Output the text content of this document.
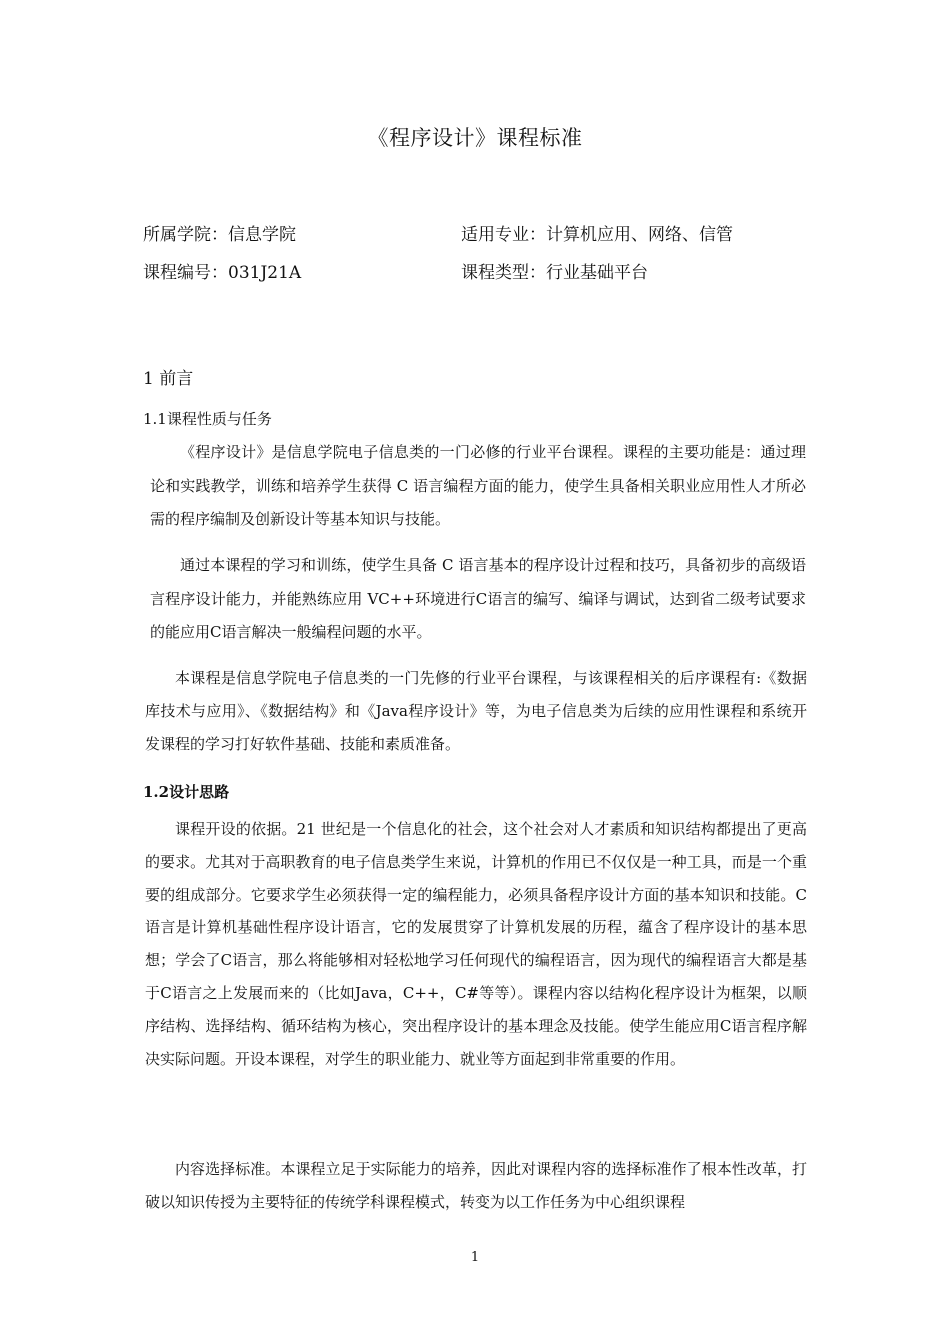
《程序设计》课程标准
所属学院：信息学院	适用专业：计算机应用、网络、信管
课程编号：031J21A	课程类型：行业基础平台
1 前言
1.1课程性质与任务

《程序设计》是信息学院电子信息类的一门必修的行业平台课程。课程的主要功能是：通过理论和实践教学，训练和培养学生获得 C 语言编程方面的能力，使学生具备相关职业应用性人才所必需的程序编制及创新设计等基本知识与技能。

通过本课程的学习和训练，使学生具备 C 语言基本的程序设计过程和技巧，具备初步的高级语言程序设计能力，并能熟练应用 VC++环境进行C语言的编写、编译与调试，达到省二级考试要求的能应用C语言解决一般编程问题的水平。

本课程是信息学院电子信息类的一门先修的行业平台课程，与该课程相关的后序课程有:《数据库技术与应用》、《数据结构》和《Java程序设计》等，为电子信息类为后续的应用性课程和系统开发课程的学习打好软件基础、技能和素质准备。

1.2设计思路

课程开设的依据。21 世纪是一个信息化的社会，这个社会对人才素质和知识结构都提出了更高的要求。尤其对于高职教育的电子信息类学生来说，计算机的作用已不仅仅是一种工具，而是一个重要的组成部分。它要求学生必须获得一定的编程能力，必须具备程序设计方面的基本知识和技能。C语言是计算机基础性程序设计语言，它的发展贯穿了计算机发展的历程，蕴含了程序设计的基本思想；学会了C语言，那么将能够相对轻松地学习任何现代的编程语言，因为现代的编程语言大都是基于C语言之上发展而来的（比如Java，C++，C#等等）。课程内容以结构化程序设计为框架，以顺序结构、选择结构、循环结构为核心，突出程序设计的基本理念及技能。使学生能应用C语言程序解决实际问题。开设本课程，对学生的职业能力、就业等方面起到非常重要的作用。

内容选择标准。本课程立足于实际能力的培养，因此对课程内容的选择标准作了根本性改革，打破以知识传授为主要特征的传统学科课程模式，转变为以工作任务为中心组织课程

1
